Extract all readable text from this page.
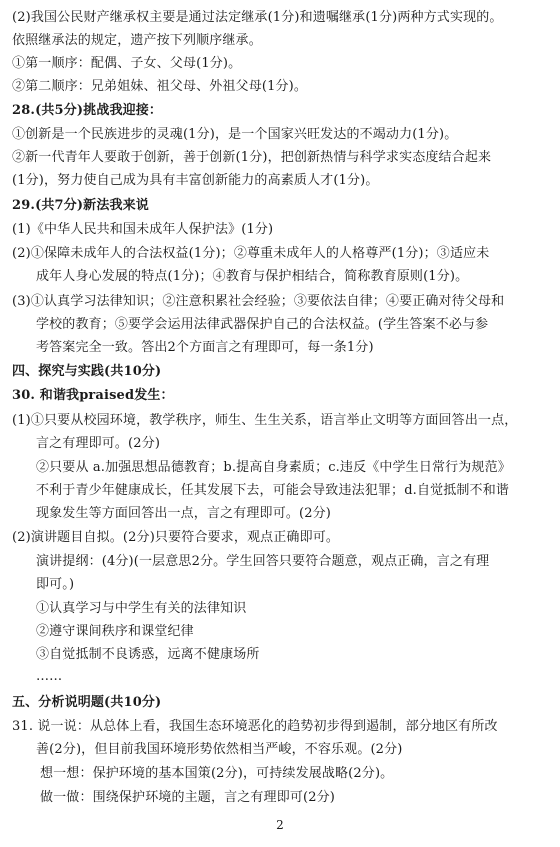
(2)我国公民财产继承权主要是通过法定继承(1分)和遗嘱继承(1分)两种方式实现的。
依照继承法的规定，遗产按下列顺序继承。
①第一顺序：配偶、子女、父母(1分)。
②第二顺序：兄弟姐妹、祖父母、外祖父母(1分)。
28.(共5分)挑战我迎接：
①创新是一个民族进步的灵魂(1分)，是一个国家兴旺发达的不竭动力(1分)。
②新一代青年人要敢于创新，善于创新(1分)，把创新热情与科学求实态度结合起来
(1分)，努力使自己成为具有丰富创新能力的高素质人才(1分)。
29.(共7分)新法我来说
(1)《中华人民共和国未成年人保护法》(1分)
(2)①保障未成年人的合法权益(1分)；②尊重未成年人的人格尊严(1分)；③适应未
成年人身心发展的特点(1分)；④教育与保护相结合，简称教育原则(1分)。
(3)①认真学习法律知识；②注意积累社会经验；③要依法自律；④要正确对待父母和
学校的教育；⑤要学会运用法律武器保护自己的合法权益。(学生答案不必与参
考答案完全一致。答出2个方面言之有理即可，每一条1分)
四、探究与实践(共10分)
30. 和谐我praised发生：
(1)①只要从校园环境，教学秩序，师生、生生关系，语言举止文明等方面回答出一点，
言之有理即可。(2分)
②只要从 a.加强思想品德教育；b.提高自身素质；c.违反《中学生日常行为规范》
不利于青少年健康成长，任其发展下去，可能会导致违法犯罪；d.自觉抵制不和谐
现象发生等方面回答出一点，言之有理即可。(2分)
(2)演讲题目自拟。(2分)只要符合要求，观点正确即可。
演讲提纲：(4分)(一层意思2分。学生回答只要符合题意，观点正确，言之有理
即可。)
①认真学习与中学生有关的法律知识
②遵守课间秩序和课堂纪律
③自觉抵制不良诱惑，远离不健康场所
……
五、分析说明题(共10分)
31. 说一说：从总体上看，我国生态环境恶化的趋势初步得到遏制，部分地区有所改
善(2分)，但目前我国环境形势依然相当严峻，不容乐观。(2分)
想一想：保护环境的基本国策(2分)，可持续发展战略(2分)。
做一做：围绕保护环境的主题，言之有理即可(2分)
2
